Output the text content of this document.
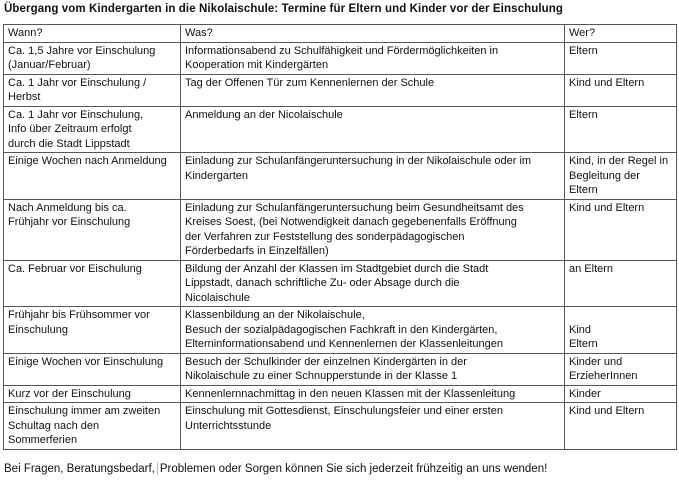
Übergang vom Kindergarten in die Nikolaischule: Termine für Eltern und Kinder vor der Einschulung
Wann?	Was?	Wer?

Ca. 1,5 Jahre vor Einschulung
(Januar/Februar)	Informationsabend zu Schulfähigkeit und Fördermöglichkeiten in
Kooperation mit Kindergärten	Eltern

Ca. 1 Jahr vor Einschulung /
Herbst	Tag der Offenen Tür zum Kennenlernen der Schule	Kind und Eltern

Ca. 1 Jahr vor Einschulung,
Info über Zeitraum erfolgt
durch die Stadt Lippstadt	Anmeldung an der Nicolaischule	Eltern

Einige Wochen nach Anmeldung	Einladung zur Schulanfängeruntersuchung in der Nikolaischule oder im
Kindergarten	Kind, in der Regel in
Begleitung der
Eltern

Nach Anmeldung bis ca.
Frühjahr vor Einschulung	Einladung zur Schulanfängeruntersuchung beim Gesundheitsamt des
Kreises Soest, (bei Notwendigkeit danach gegebenenfalls Eröffnung
der Verfahren zur Feststellung des sonderpädagogischen
Förderbedarfs in Einzelfällen)	Kind und Eltern

Ca. Februar vor Eischulung	Bildung der Anzahl der Klassen im Stadtgebiet durch die Stadt
Lippstadt, danach schriftliche Zu- oder Absage durch die
Nicolaischule	an Eltern

Frühjahr bis Frühsommer vor
Einschulung	Klassenbildung an der Nikolaischule,
Besuch der sozialpädagogischen Fachkraft in den Kindergärten,
Elterninformationsabend und Kennenlernen der Klassenleitungen	Kind
Eltern

Einige Wochen vor Einschulung	Besuch der Schulkinder der einzelnen Kindergärten in der
Nikolaischule zu einer Schnupperstunde in der Klasse 1	Kinder und
ErzieherInnen

Kurz vor der Einschulung	Kennenlernnachmittag in den neuen Klassen mit der Klassenleitung	Kinder

Einschulung immer am zweiten
Schultag nach den
Sommerferien	Einschulung mit Gottesdienst, Einschulungsfeier und einer ersten
Unterrichtsstunde	Kind und Eltern
Bei Fragen, Beratungsbedarf, Problemen oder Sorgen können Sie sich jederzeit frühzeitig an uns wenden!
